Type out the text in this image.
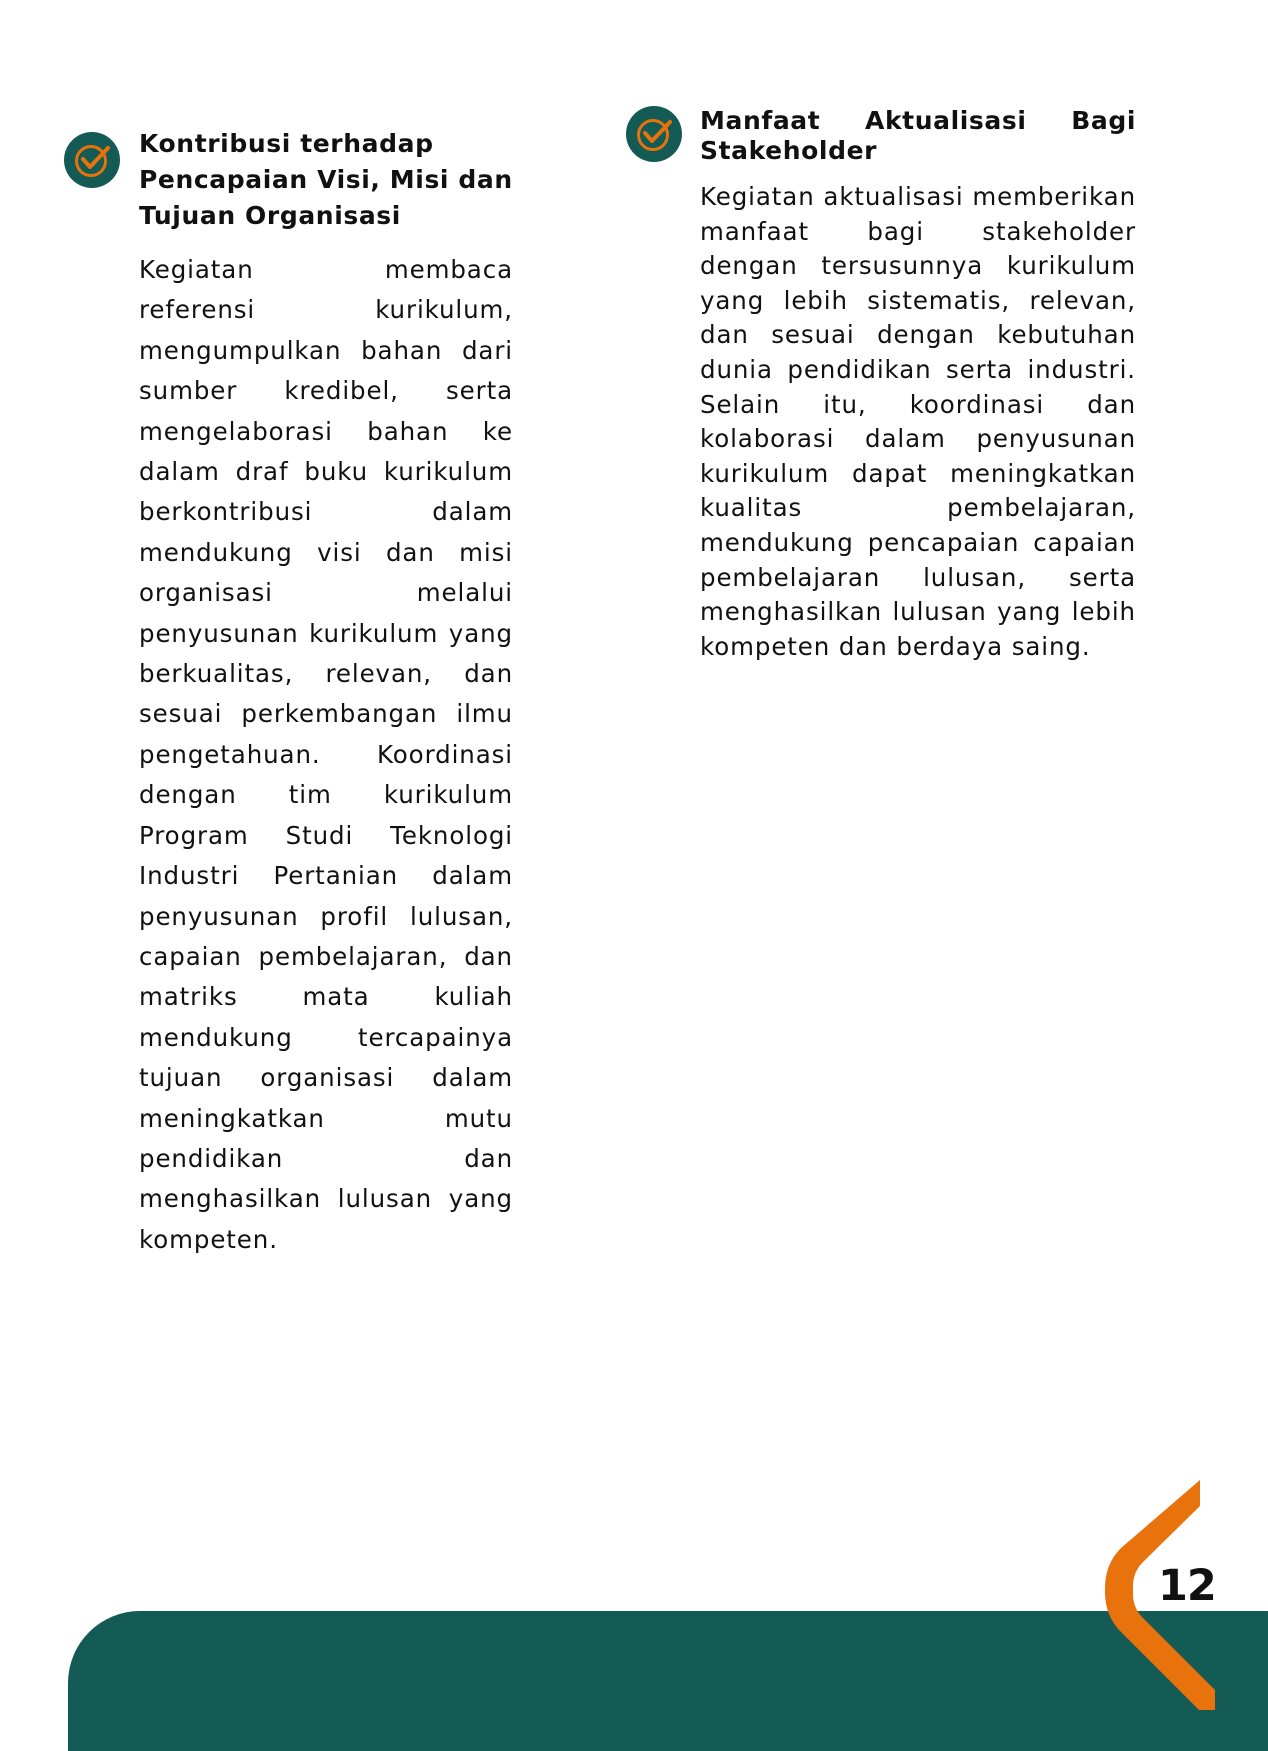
Kontribusi terhadap Pencapaian Visi, Misi dan Tujuan Organisasi

Kegiatan membaca referensi kurikulum, mengumpulkan bahan dari sumber kredibel, serta mengelaborasi bahan ke dalam draf buku kurikulum berkontribusi dalam mendukung visi dan misi organisasi melalui penyusunan kurikulum yang berkualitas, relevan, dan sesuai perkembangan ilmu pengetahuan. Koordinasi dengan tim kurikulum Program Studi Teknologi Industri Pertanian dalam penyusunan profil lulusan, capaian pembelajaran, dan matriks mata kuliah mendukung tercapainya tujuan organisasi dalam meningkatkan mutu pendidikan dan menghasilkan lulusan yang kompeten.

Manfaat Aktualisasi Bagi Stakeholder

Kegiatan aktualisasi memberikan manfaat bagi stakeholder dengan tersusunnya kurikulum yang lebih sistematis, relevan, dan sesuai dengan kebutuhan dunia pendidikan serta industri. Selain itu, koordinasi dan kolaborasi dalam penyusunan kurikulum dapat meningkatkan kualitas pembelajaran, mendukung pencapaian capaian pembelajaran lulusan, serta menghasilkan lulusan yang lebih kompeten dan berdaya saing.

12
